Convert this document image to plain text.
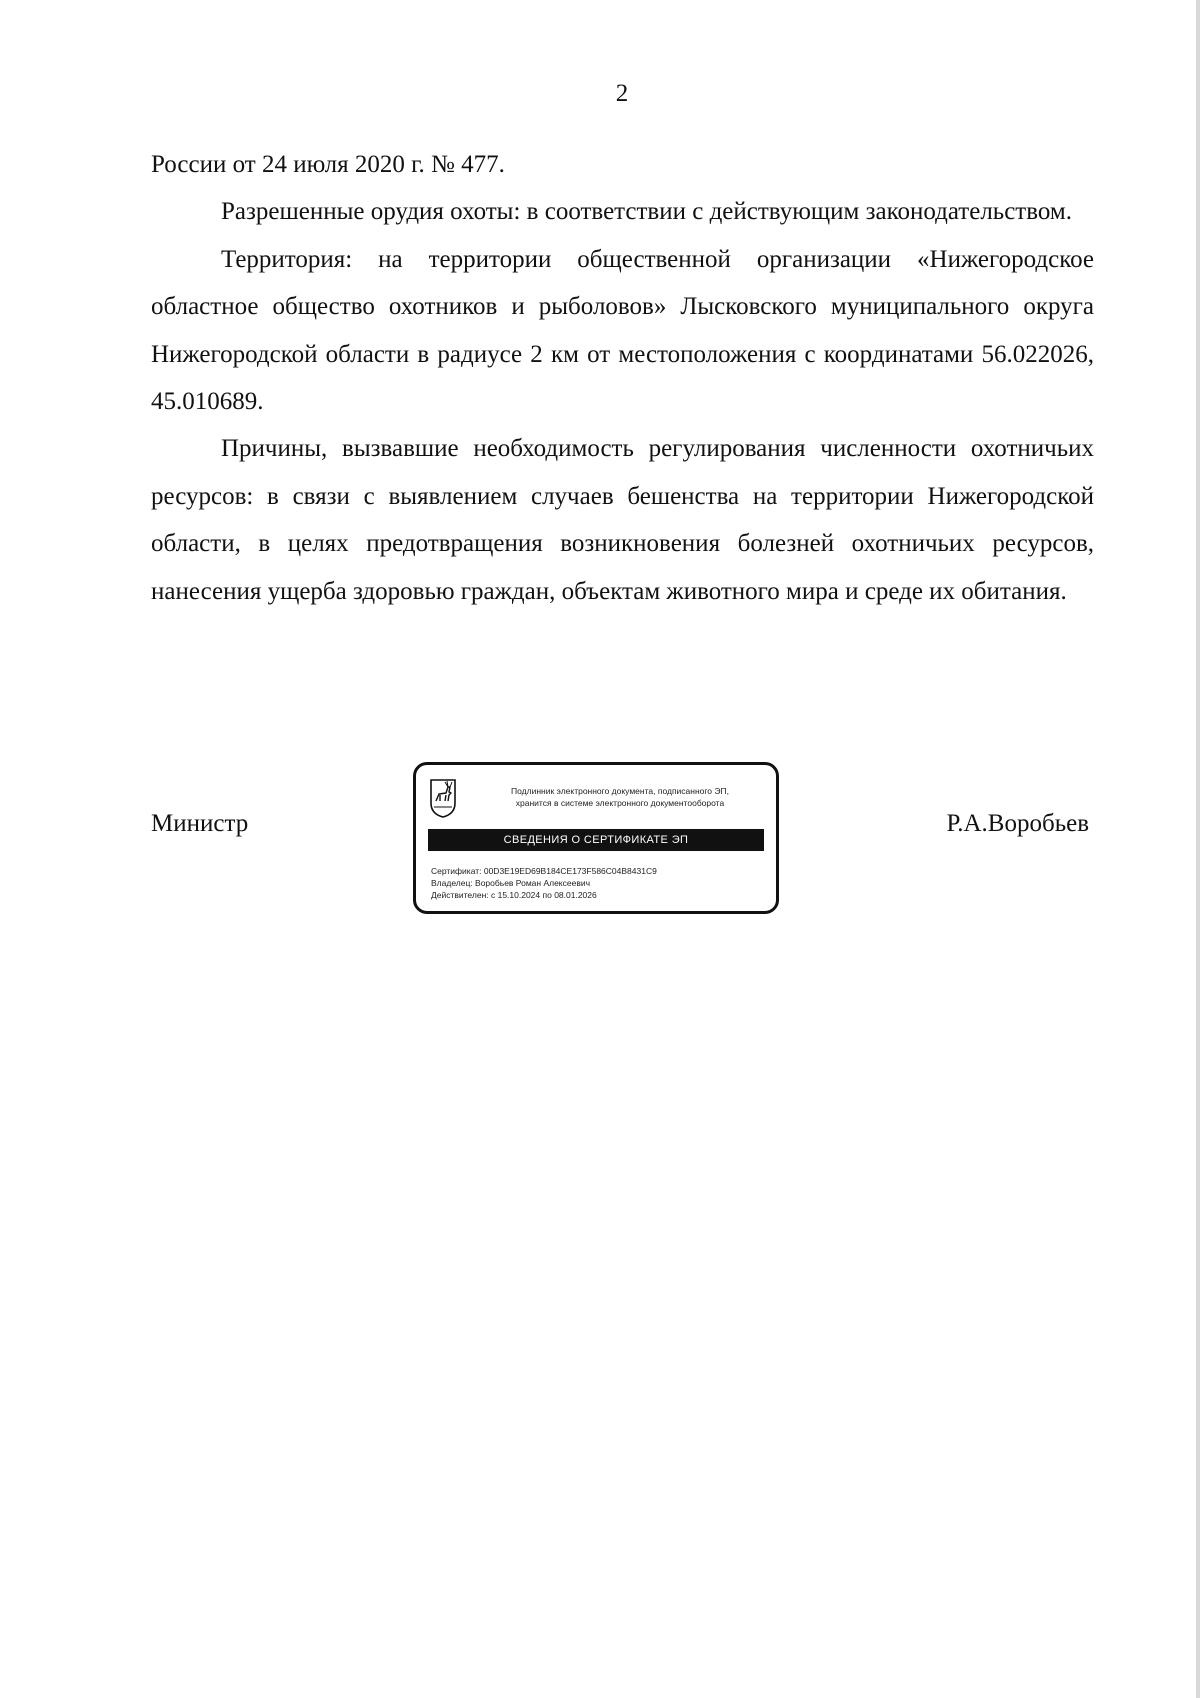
2

России от 24 июля 2020 г. № 477.

Разрешенные орудия охоты: в соответствии с действующим законодательством.

Территория: на территории общественной организации «Нижегородское областное общество охотников и рыболовов» Лысковского муниципального округа Нижегородской области в радиусе 2 км от местоположения с координатами 56.022026, 45.010689.

Причины, вызвавшие необходимость регулирования численности охотничьих ресурсов: в связи с выявлением случаев бешенства на территории Нижегородской области, в целях предотвращения возникновения болезней охотничьих ресурсов, нанесения ущерба здоровью граждан, объектам животного мира и среде их обитания.

Министр	Р.А.Воробьев
Подлинник электронного документа, подписанного ЭП,
хранится в системе электронного документооборота
СВЕДЕНИЯ О СЕРТИФИКАТЕ ЭП
Сертификат: 00D3E19ED69B184CE173F586C04B8431C9
Владелец: Воробьев Роман Алексеевич
Действителен: с 15.10.2024 по 08.01.2026
